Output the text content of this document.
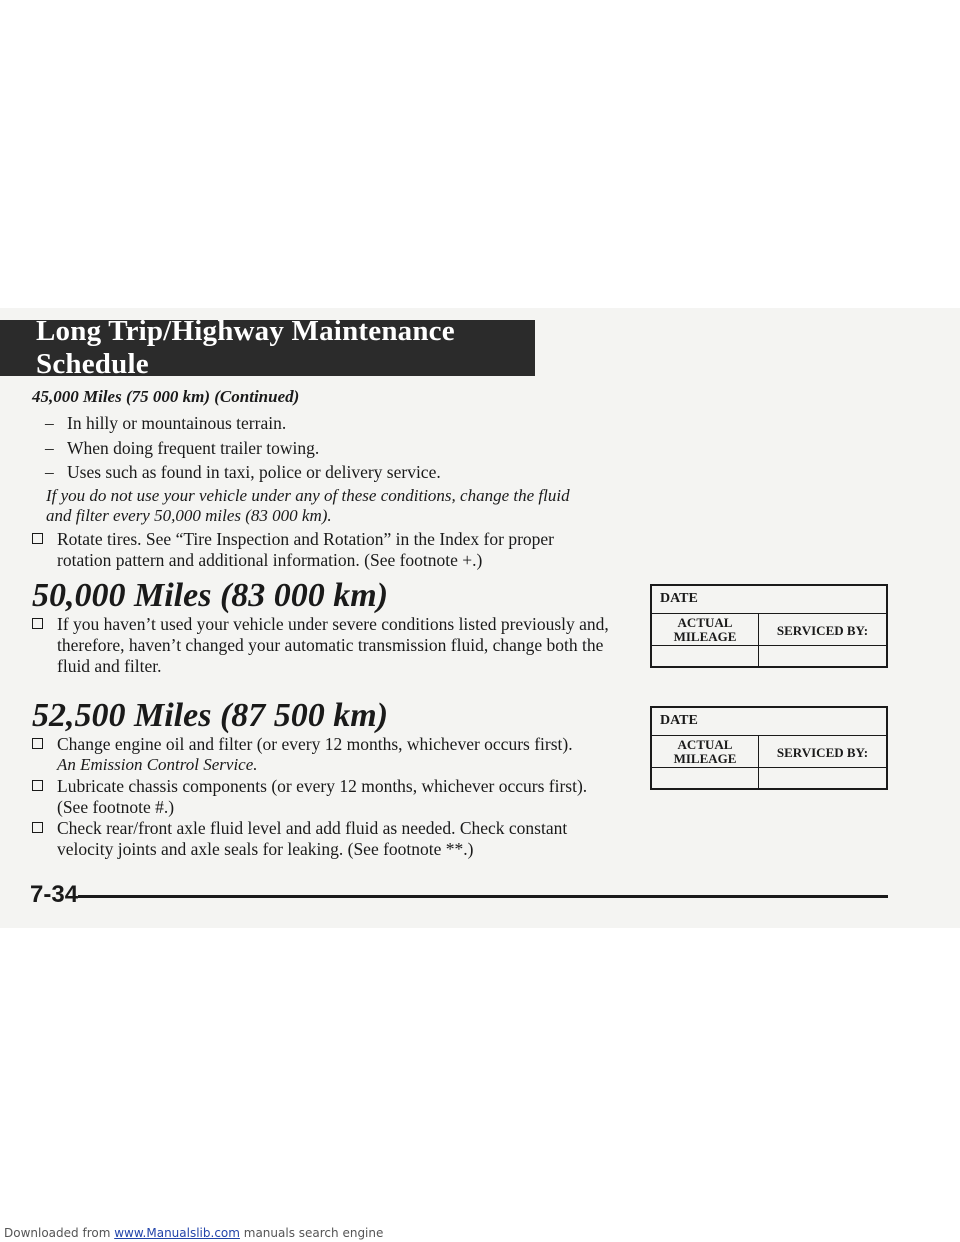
Long Trip/Highway Maintenance Schedule
45,000 Miles (75 000 km) (Continued)
– In hilly or mountainous terrain.
– When doing frequent trailer towing.
– Uses such as found in taxi, police or delivery service.
If you do not use your vehicle under any of these conditions, change the fluid
and filter every 50,000 miles (83 000 km).
Rotate tires. See “Tire Inspection and Rotation” in the Index for proper
rotation pattern and additional information. (See footnote +.)
50,000 Miles (83 000 km)
If you haven’t used your vehicle under severe conditions listed previously and,
therefore, haven’t changed your automatic transmission fluid, change both the
fluid and filter.
DATE
ACTUAL
MILEAGE	SERVICED BY:
52,500 Miles (87 500 km)
Change engine oil and filter (or every 12 months, whichever occurs first).
An Emission Control Service.
Lubricate chassis components (or every 12 months, whichever occurs first).
(See footnote #.)
Check rear/front axle fluid level and add fluid as needed. Check constant
velocity joints and axle seals for leaking. (See footnote **.)
DATE
ACTUAL
MILEAGE	SERVICED BY:
7-34
Downloaded from www.Manualslib.com manuals search engine
